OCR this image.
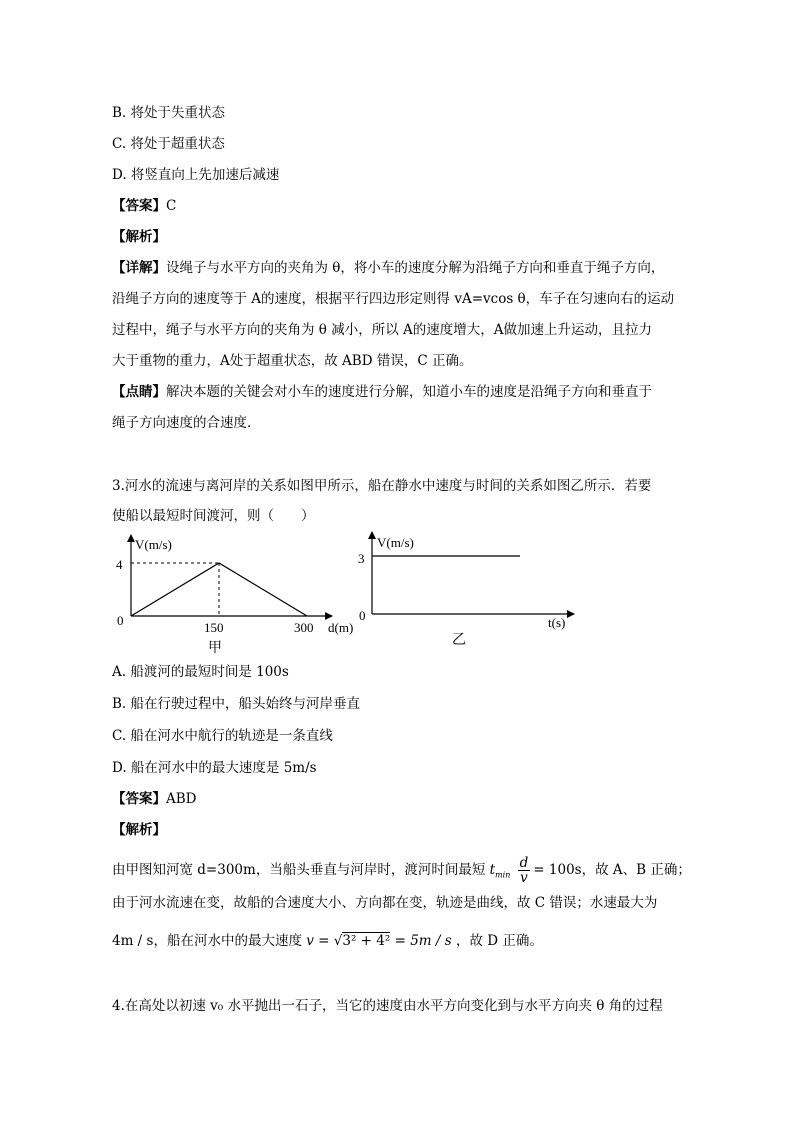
B. 将处于失重状态
C. 将处于超重状态
D. 将竖直向上先加速后减速
【答案】C
【解析】
【详解】设绳子与水平方向的夹角为 θ，将小车的速度分解为沿绳子方向和垂直于绳子方向，
沿绳子方向的速度等于 A的速度，根据平行四边形定则得 vA=vcos θ，车子在匀速向右的运动
过程中，绳子与水平方向的夹角为 θ 减小，所以 A的速度增大，A做加速上升运动，且拉力
大于重物的重力，A处于超重状态，故 ABD 错误，C 正确。
【点睛】解决本题的关键会对小车的速度进行分解，知道小车的速度是沿绳子方向和垂直于
绳子方向速度的合速度．
3.河水的流速与离河岸的关系如图甲所示，船在静水中速度与时间的关系如图乙所示．若要
使船以最短时间渡河，则（　　）
V(m/s)
4
0	150	300 d(m)
甲
V(m/s)
3
0	t(s)
乙
A. 船渡河的最短时间是 100s
B. 船在行驶过程中，船头始终与河岸垂直
C. 船在河水中航行的轨迹是一条直线
D. 船在河水中的最大速度是 5m/s
【答案】ABD
【解析】
由甲图知河宽 d=300m，当船头垂直与河岸时，渡河时间最短 $t_{min} \frac{d}{v} = 100s$，故 A、B 正确；
由于河水流速在变，故船的合速度大小、方向都在变，轨迹是曲线，故 C 错误；水速最大为
4m / s，船在河水中的最大速度 v = √3² + 4² = 5m / s ，故 D 正确。
4.在高处以初速 v₀ 水平抛出一石子，当它的速度由水平方向变化到与水平方向夹 θ 角的过程
